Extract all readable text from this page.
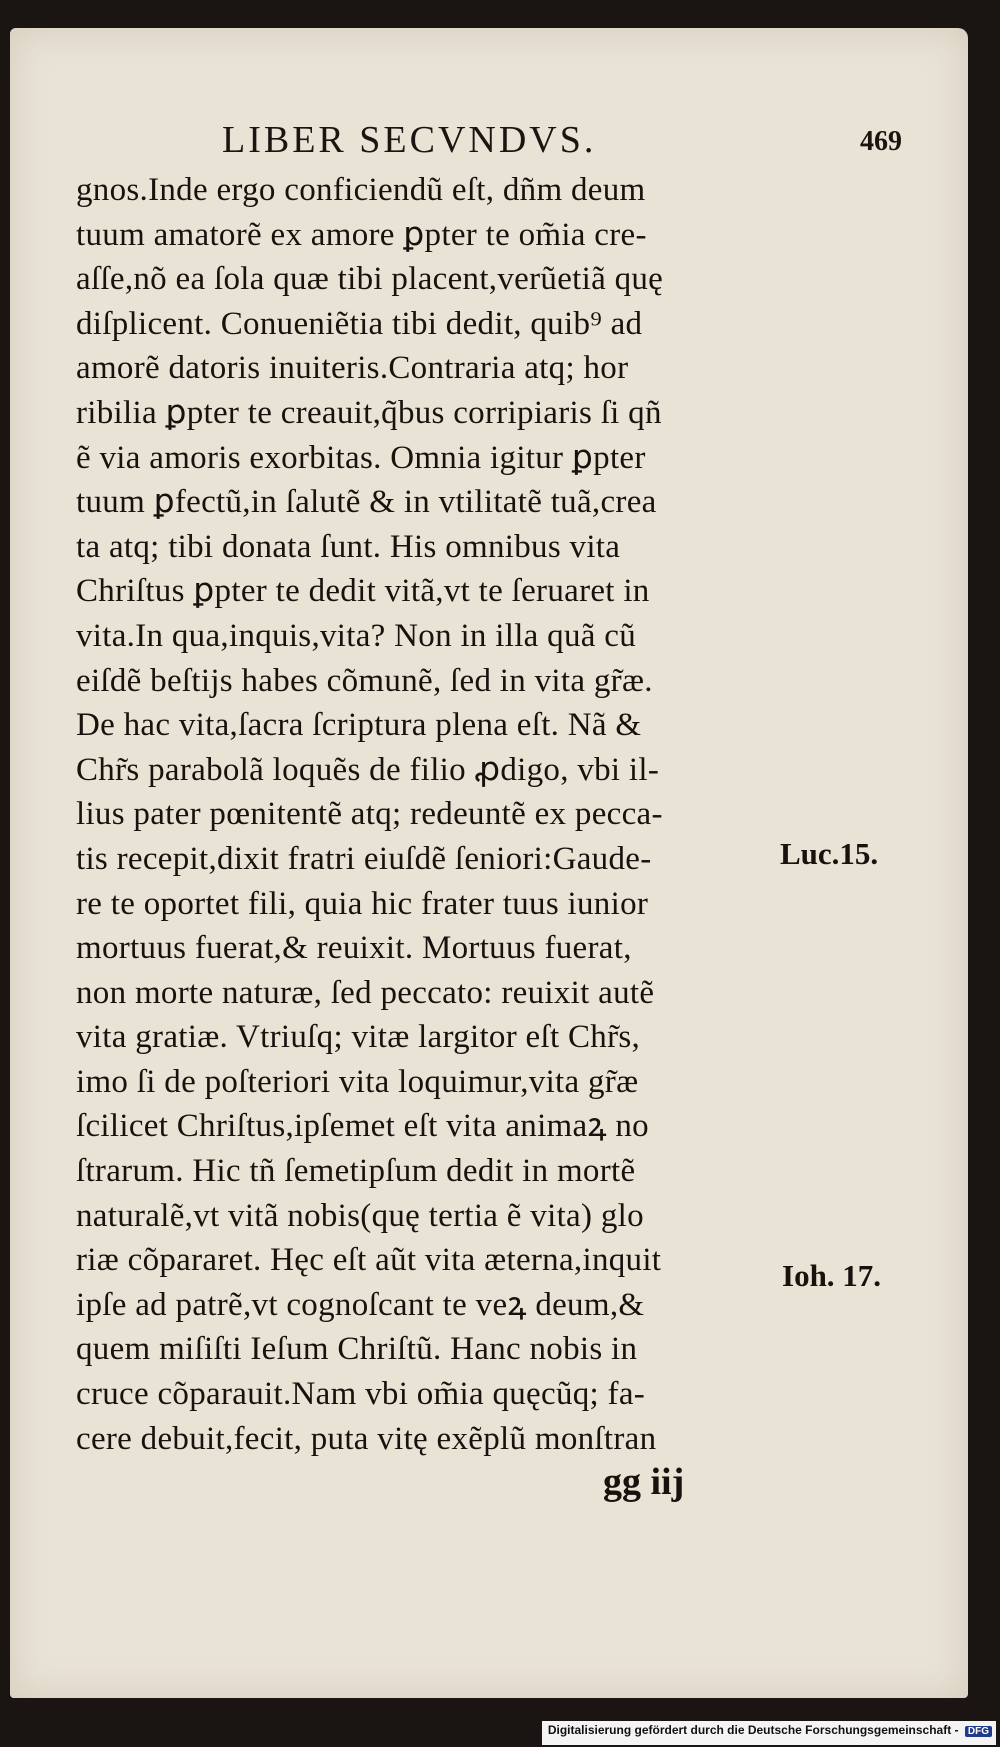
LIBER SECVNDVS.	469
gnos.Inde ergo conficiendũ eſt, dñm deum
tuum amatorẽ ex amore ꝑpter te om̃ia cre-
aſſe,nõ ea ſola quæ tibi placent,verũetiã quę
diſplicent. Conueniẽtia tibi dedit, quib⁹ ad
amorẽ datoris inuiteris.Contraria atq; hor
ribilia ꝑpter te creauit,q̃bus corripiaris ſi qñ
ẽ via amoris exorbitas. Omnia igitur ꝑpter
tuum ꝑfectũ,in ſalutẽ & in vtilitatẽ tuã,crea
ta atq; tibi donata ſunt. His omnibus vita
Chriſtus ꝑpter te dedit vitã,vt te ſeruaret in
vita.In qua,inquis,vita? Non in illa quã cũ
eiſdẽ beſtijs habes cõmunẽ, ſed in vita gr̃æ.
De hac vita,ſacra ſcriptura plena eſt. Nã &
Chr̃s parabolã loquẽs de filio ꝓdigo, vbi il-
lius pater pœnitentẽ atq; redeuntẽ ex pecca-
tis recepit,dixit fratri eiuſdẽ ſeniori:Gaude-
re te oportet fili, quia hic frater tuus iunior
mortuus fuerat,& reuixit. Mortuus fuerat,
non morte naturæ, ſed peccato: reuixit autẽ
vita gratiæ. Vtriuſq; vitæ largitor eſt Chr̃s,
imo ſi de poſteriori vita loquimur,vita gr̃æ
ſcilicet Chriſtus,ipſemet eſt vita animaꝝ no
ſtrarum. Hic tñ ſemetipſum dedit in mortẽ
naturalẽ,vt vitã nobis(quę tertia ẽ vita) glo
riæ cõpararet. Hęc eſt aũt vita æterna,inquit
ipſe ad patrẽ,vt cognoſcant te veꝝ deum,&
quem miſiſti Ieſum Chriſtũ. Hanc nobis in
cruce cõparauit.Nam vbi om̃ia quęcũq; fa-
cere debuit,fecit, puta vitę exẽplũ monſtran
Luc.15.
Ioh. 17.
gg iij
Digitalisierung gefördert durch die Deutsche Forschungsgemeinschaft - DFG
